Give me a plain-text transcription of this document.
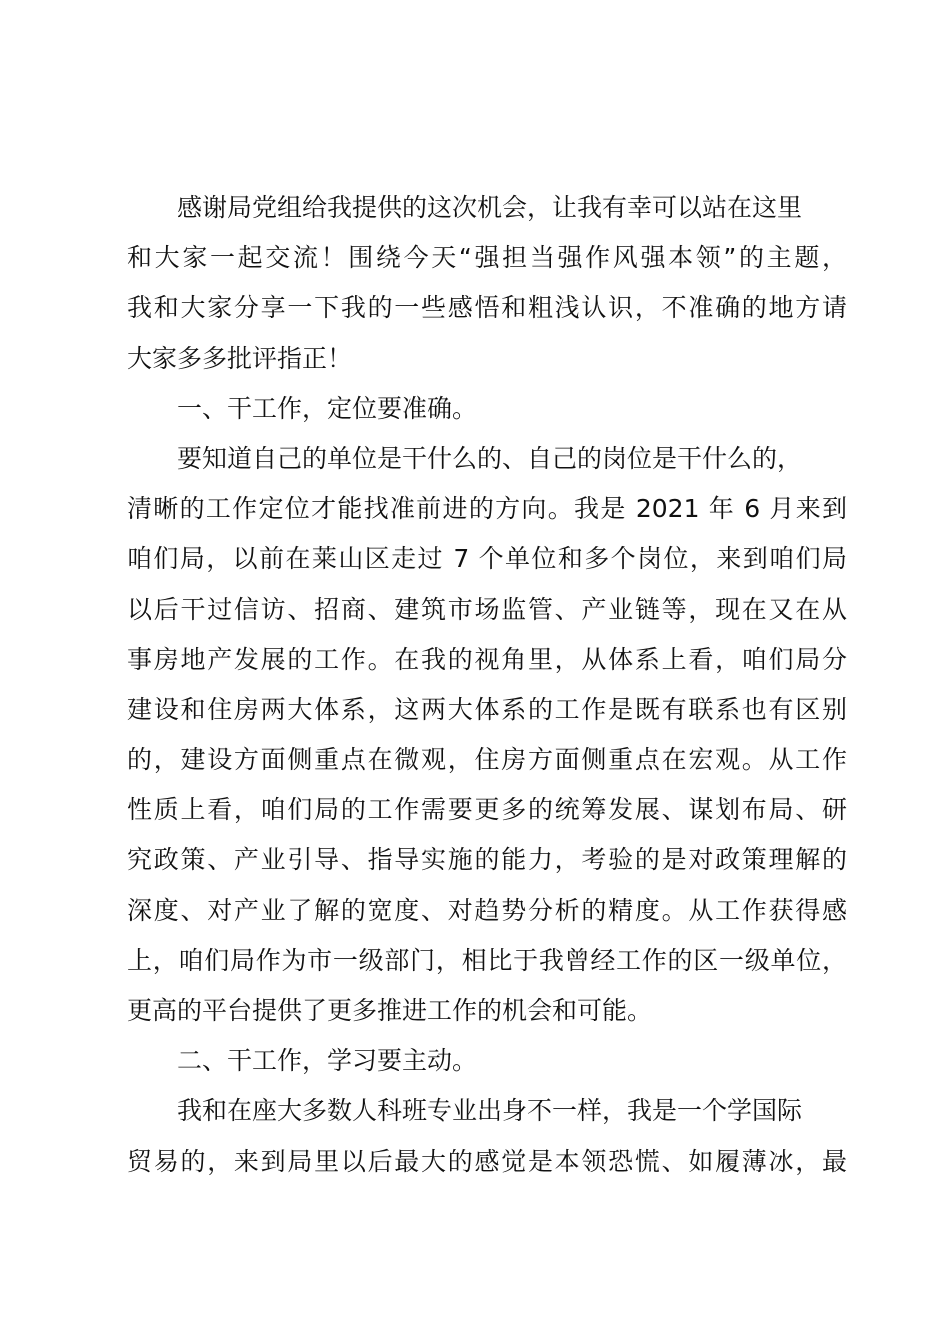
感谢局党组给我提供的这次机会，让我有幸可以站在这里
和大家一起交流！围绕今天“强担当强作风强本领”的主题，
我和大家分享一下我的一些感悟和粗浅认识，不准确的地方请
大家多多批评指正！
一、干工作，定位要准确。
要知道自己的单位是干什么的、自己的岗位是干什么的，
清晰的工作定位才能找准前进的方向。我是 2021 年 6 月来到
咱们局，以前在莱山区走过 7 个单位和多个岗位，来到咱们局
以后干过信访、招商、建筑市场监管、产业链等，现在又在从
事房地产发展的工作。在我的视角里，从体系上看，咱们局分
建设和住房两大体系，这两大体系的工作是既有联系也有区别
的，建设方面侧重点在微观，住房方面侧重点在宏观。从工作
性质上看，咱们局的工作需要更多的统筹发展、谋划布局、研
究政策、产业引导、指导实施的能力，考验的是对政策理解的
深度、对产业了解的宽度、对趋势分析的精度。从工作获得感
上，咱们局作为市一级部门，相比于我曾经工作的区一级单位，
更高的平台提供了更多推进工作的机会和可能。
二、干工作，学习要主动。
我和在座大多数人科班专业出身不一样，我是一个学国际
贸易的，来到局里以后最大的感觉是本领恐慌、如履薄冰，最
